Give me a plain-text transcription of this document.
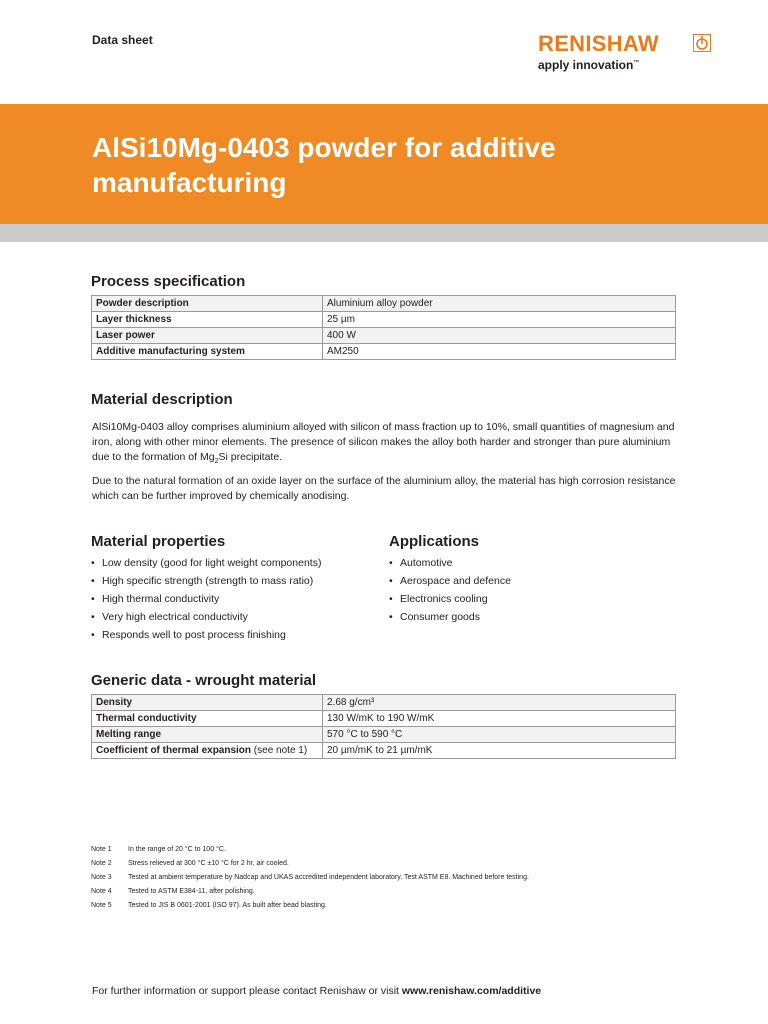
Data sheet	RENISHAW
apply innovation™
AlSi10Mg-0403 powder for additive manufacturing
Process specification
Powder description	Aluminium alloy powder
Layer thickness	25 µm
Laser power	400 W
Additive manufacturing system	AM250
Material description

AlSi10Mg-0403 alloy comprises aluminium alloyed with silicon of mass fraction up to 10%, small quantities of magnesium and iron, along with other minor elements. The presence of silicon makes the alloy both harder and stronger than pure aluminium due to the formation of $Mg_2Si$ precipitate.

Due to the natural formation of an oxide layer on the surface of the aluminium alloy, the material has high corrosion resistance which can be further improved by chemically anodising.

Material properties
• Low density (good for light weight components)
• High specific strength (strength to mass ratio)
• High thermal conductivity
• Very high electrical conductivity
• Responds well to post process finishing
Applications
• Automotive
• Aerospace and defence
• Electronics cooling
• Consumer goods
Generic data - wrought material
Density	2.68 g/cm³
Thermal conductivity	130 W/mK to 190 W/mK
Melting range	570 °C to 590 °C
Coefficient of thermal expansion (see note 1)	20 µm/mK to 21 µm/mK
Note 1 In the range of 20 °C to 100 °C.
Note 2 Stress relieved at 300 °C ±10 °C for 2 hr, air cooled.
Note 3 Tested at ambient temperature by Nadcap and UKAS accredited independent laboratory. Test ASTM E8. Machined before testing.
Note 4 Tested to ASTM E384-11, after polishing.
Note 5 Tested to JIS B 0601-2001 (ISO 97). As built after bead blasting.
For further information or support please contact Renishaw or visit www.renishaw.com/additive
